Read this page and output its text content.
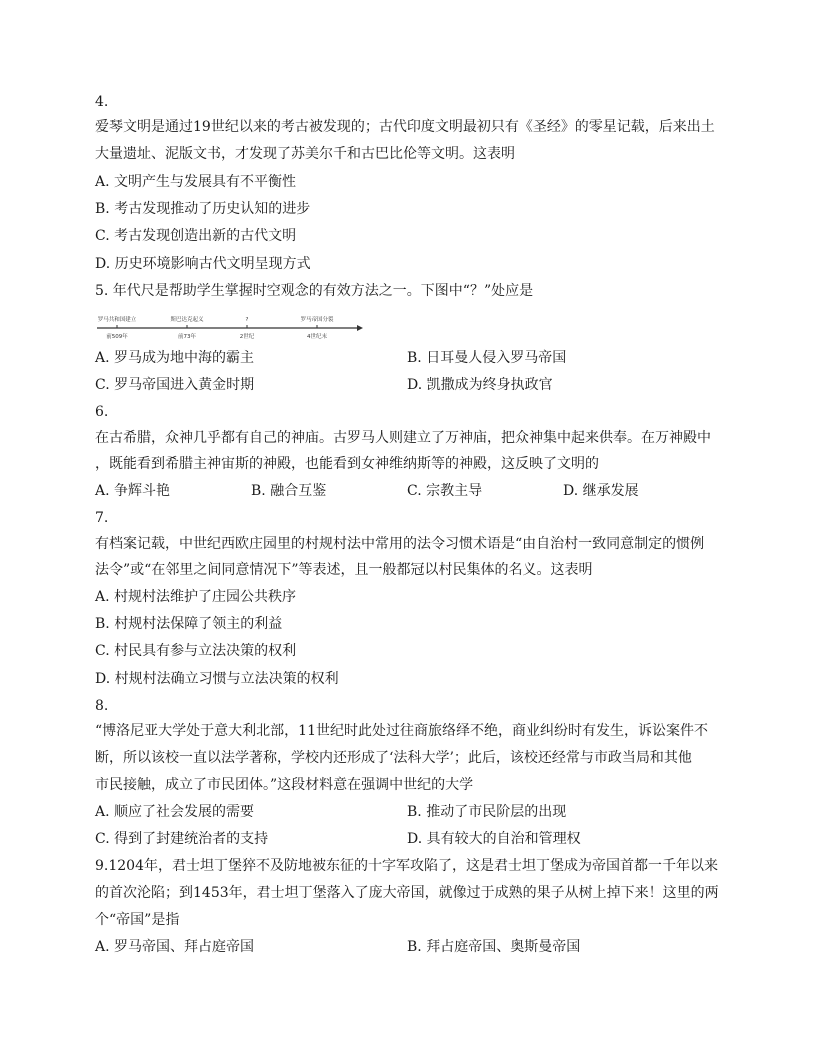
4.
爱琴文明是通过19世纪以来的考古被发现的；古代印度文明最初只有《圣经》的零星记载，后来出土
大量遗址、泥版文书，才发现了苏美尔千和古巴比伦等文明。这表明
A. 文明产生与发展具有不平衡性
B. 考古发现推动了历史认知的进步
C. 考古发现创造出新的古代文明
D. 历史环境影响古代文明呈现方式
5. 年代尺是帮助学生掌握时空观念的有效方法之一。下图中“？”处应是
罗马共和国建立	斯巴达克起义	?	罗马帝国分裂
前509年	前73年	2世纪	4世纪末
A. 罗马成为地中海的霸主	B. 日耳曼人侵入罗马帝国
C. 罗马帝国进入黄金时期	D. 凯撒成为终身执政官
6.
在古希腊，众神几乎都有自己的神庙。古罗马人则建立了万神庙，把众神集中起来供奉。在万神殿中
，既能看到希腊主神宙斯的神殿，也能看到女神维纳斯等的神殿，这反映了文明的
A. 争辉斗艳	B. 融合互鉴	C. 宗教主导	D. 继承发展
7.
有档案记载，中世纪西欧庄园里的村规村法中常用的法令习惯术语是“由自治村一致同意制定的惯例
法令”或“在邻里之间同意情况下”等表述，且一般都冠以村民集体的名义。这表明
A. 村规村法维护了庄园公共秩序
B. 村规村法保障了领主的利益
C. 村民具有参与立法决策的权利
D. 村规村法确立习惯与立法决策的权利
8.
“博洛尼亚大学处于意大利北部，11世纪时此处过往商旅络绎不绝，商业纠纷时有发生，诉讼案件不
断，所以该校一直以法学著称，学校内还形成了‘法科大学’；此后，该校还经常与市政当局和其他
市民接触，成立了市民团体。”这段材料意在强调中世纪的大学
A. 顺应了社会发展的需要	B. 推动了市民阶层的出现
C. 得到了封建统治者的支持	D. 具有较大的自治和管理权
9.1204年，君士坦丁堡猝不及防地被东征的十字军攻陷了，这是君士坦丁堡成为帝国首都一千年以来
的首次沦陷；到1453年，君士坦丁堡落入了庞大帝国，就像过于成熟的果子从树上掉下来！这里的两
个“帝国”是指
A. 罗马帝国、拜占庭帝国	B. 拜占庭帝国、奥斯曼帝国
